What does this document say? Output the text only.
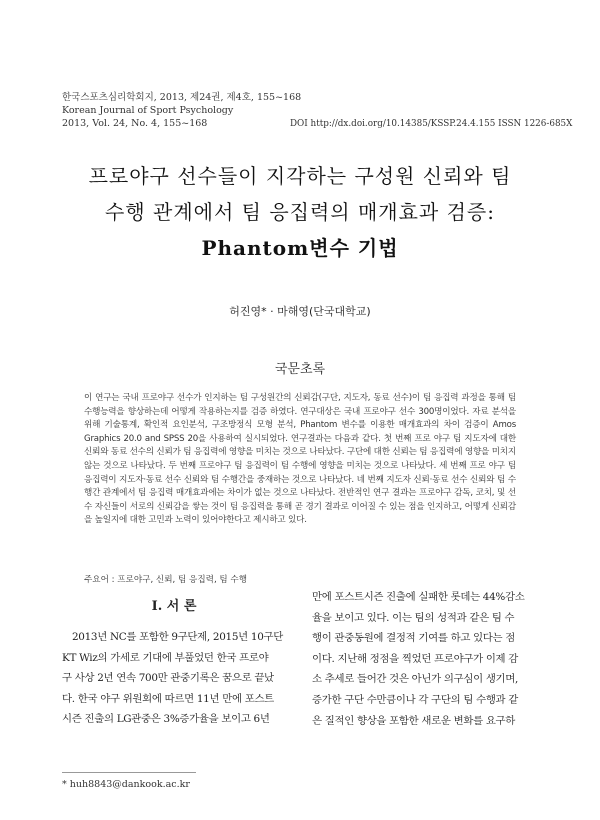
한국스포츠심리학회지, 2013, 제24권, 제4호, 155~168
Korean Journal of Sport Psychology
2013, Vol. 24, No. 4, 155~168	DOI http://dx.doi.org/10.14385/KSSP.24.4.155 ISSN 1226-685X
프로야구 선수들이 지각하는 구성원 신뢰와 팀
수행 관계에서 팀 응집력의 매개효과 검증:
Phantom변수 기법
허진영* · 마해영(단국대학교)
국문초록
이 연구는 국내 프로야구 선수가 인지하는 팀 구성원간의 신뢰감(구단, 지도자, 동료 선수)이 팀 응집력 과정을 통해 팀 수행능력을 향상하는데 어떻게 작용하는지를 검증 하였다. 연구대상은 국내 프로야구 선수 300명이었다. 자료 분석을 위해 기술통계, 확인적 요인분석, 구조방정식 모형 분석, Phantom 변수를 이용한 매개효과의 차이 검증이 Amos Graphics 20.0 and SPSS 20을 사용하여 실시되었다. 연구결과는 다음과 같다. 첫 번째 프로 야구 팀 지도자에 대한 신뢰와 동료 선수의 신뢰가 팀 응집력에 영향을 미치는 것으로 나타났다. 구단에 대한 신뢰는 팀 응집력에 영향을 미치지 않는 것으로 나타났다. 두 번째 프로야구 팀 응집력이 팀 수행에 영향을 미치는 것으로 나타났다. 세 번째 프로 야구 팀 응집력이 지도자·동료 선수 신뢰와 팀 수행간을 중재하는 것으로 나타났다. 네 번째 지도자 신뢰·동료 선수 신뢰와 팀 수행간 관계에서 팀 응집력 매개효과에는 차이가 없는 것으로 나타났다. 전반적인 연구 결과는 프로야구 감독, 코치, 및 선수 자신들이 서로의 신뢰감을 쌓는 것이 팀 응집력을 통해 곧 경기 결과로 이어질 수 있는 점을 인지하고, 어떻게 신뢰감을 높일지에 대한 고민과 노력이 있어야한다고 제시하고 있다.
주요어 : 프로야구, 신뢰, 팀 응집력, 팀 수행
I. 서 론
2013년 NC를 포함한 9구단제, 2015년 10구단
KT Wiz의 가세로 기대에 부풀었던 한국 프로야
구 사상 2년 연속 700만 관중기록은 꿈으로 끝났
다. 한국 야구 위원회에 따르면 11년 만에 포스트
시즌 진출의 LG관중은 3%증가율을 보이고 6년
만에 포스트시즌 진출에 실패한 롯데는 44%감소
율을 보이고 있다. 이는 팀의 성적과 같은 팀 수
행이 관중동원에 결정적 기여를 하고 있다는 점
이다. 지난해 정점을 찍었던 프로야구가 이제 감
소 추세로 들어간 것은 아닌가 의구심이 생기며,
증가한 구단 수만큼이나 각 구단의 팀 수행과 같
은 질적인 향상을 포함한 새로운 변화를 요구하
* huh8843@dankook.ac.kr
